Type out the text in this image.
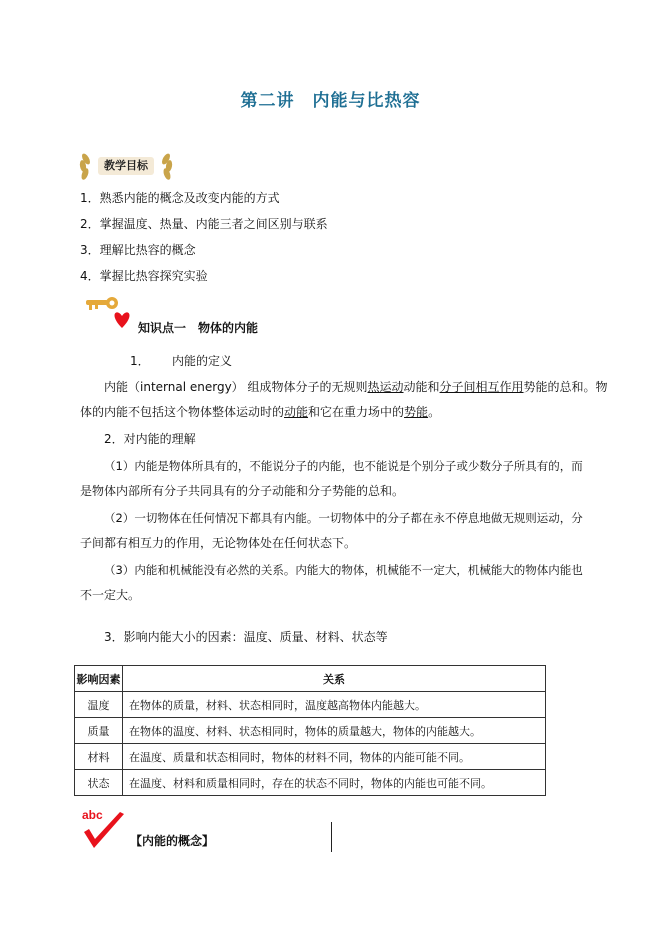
第二讲　内能与比热容
教学目标
1．熟悉内能的概念及改变内能的方式
2．掌握温度、热量、内能三者之间区别与联系
3．理解比热容的概念
4．掌握比热容探究实验
知识点一　物体的内能
1． 内能的定义
内能（internal energy） 组成物体分子的无规则热运动动能和分子间相互作用势能的总和。物
体的内能不包括这个物体整体运动时的动能和它在重力场中的势能。
2．对内能的理解
（1）内能是物体所具有的，不能说分子的内能，也不能说是个别分子或少数分子所具有的，而
是物体内部所有分子共同具有的分子动能和分子势能的总和。
（2）一切物体在任何情况下都具有内能。一切物体中的分子都在永不停息地做无规则运动，分
子间都有相互力的作用，无论物体处在任何状态下。
（3）内能和机械能没有必然的关系。内能大的物体，机械能不一定大，机械能大的物体内能也
不一定大。
3．影响内能大小的因素：温度、质量、材料、状态等
影响因素	关系
温度	在物体的质量，材料、状态相同时，温度越高物体内能越大。
质量	在物体的温度、材料、状态相同时，物体的质量越大，物体的内能越大。
材料	在温度、质量和状态相同时，物体的材料不同，物体的内能可能不同。
状态	在温度、材料和质量相同时，存在的状态不同时，物体的内能也可能不同。
abc
【内能的概念】
